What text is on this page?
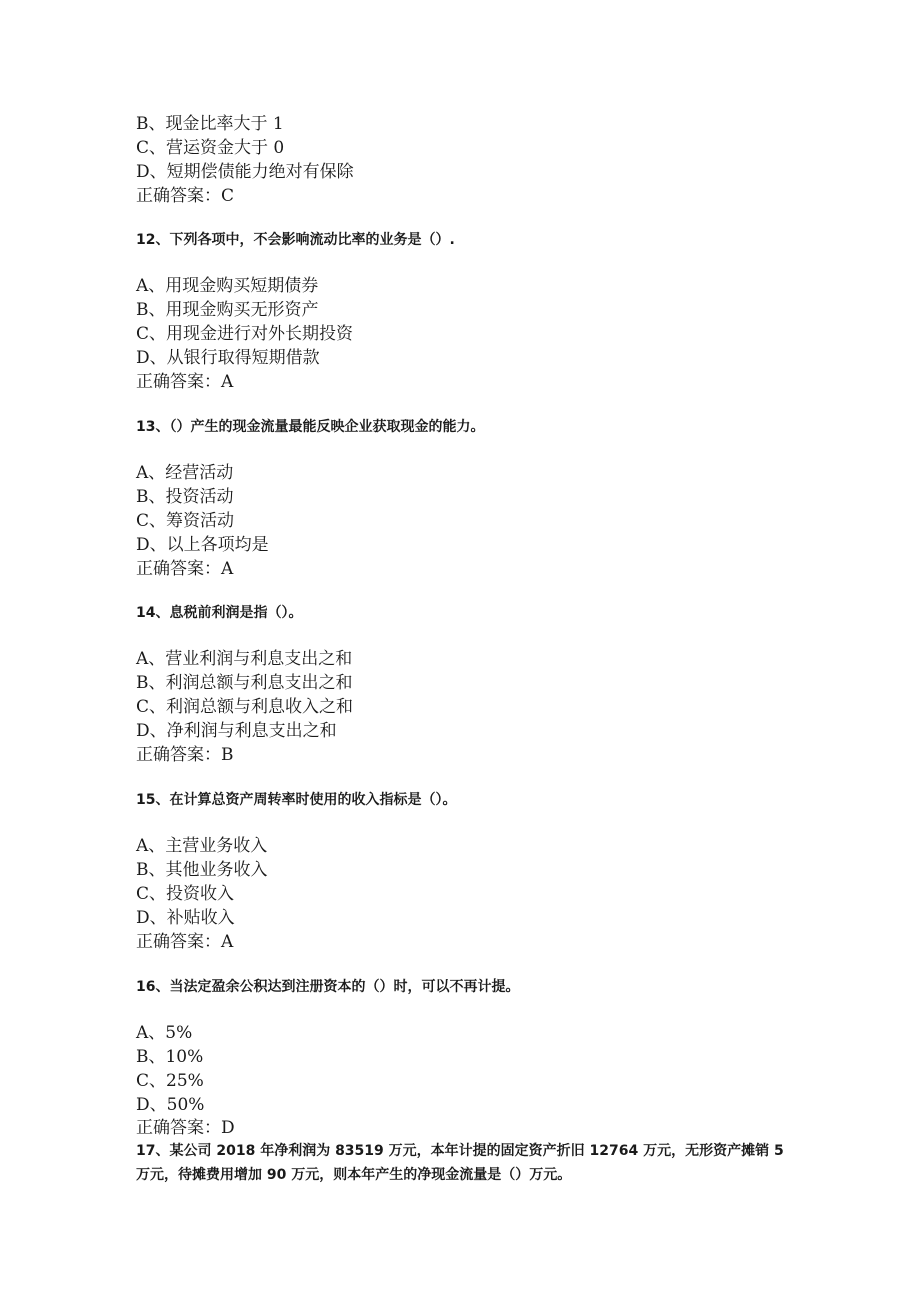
B、现金比率大于 1
C、营运资金大于 0
D、短期偿债能力绝对有保除
正确答案：C
12、下列各项中，不会影响流动比率的业务是（）.
A、用现金购买短期债券
B、用现金购买无形资产
C、用现金进行对外长期投资
D、从银行取得短期借款
正确答案：A
13、（）产生的现金流量最能反映企业获取现金的能力。
A、经营活动
B、投资活动
C、筹资活动
D、以上各项均是
正确答案：A
14、息税前利润是指（）。
A、营业利润与利息支出之和
B、利润总额与利息支出之和
C、利润总额与利息收入之和
D、净利润与利息支出之和
正确答案：B
15、在计算总资产周转率时使用的收入指标是（）。
A、主营业务收入
B、其他业务收入
C、投资收入
D、补贴收入
正确答案：A
16、当法定盈余公积达到注册资本的（）时，可以不再计提。
A、5%
B、10%
C、25%
D、50%
正确答案：D
17、某公司 2018 年净利润为 83519 万元，本年计提的固定资产折旧 12764 万元，无形资产摊销 5 万元，待摊费用增加 90 万元，则本年产生的净现金流量是（）万元。
